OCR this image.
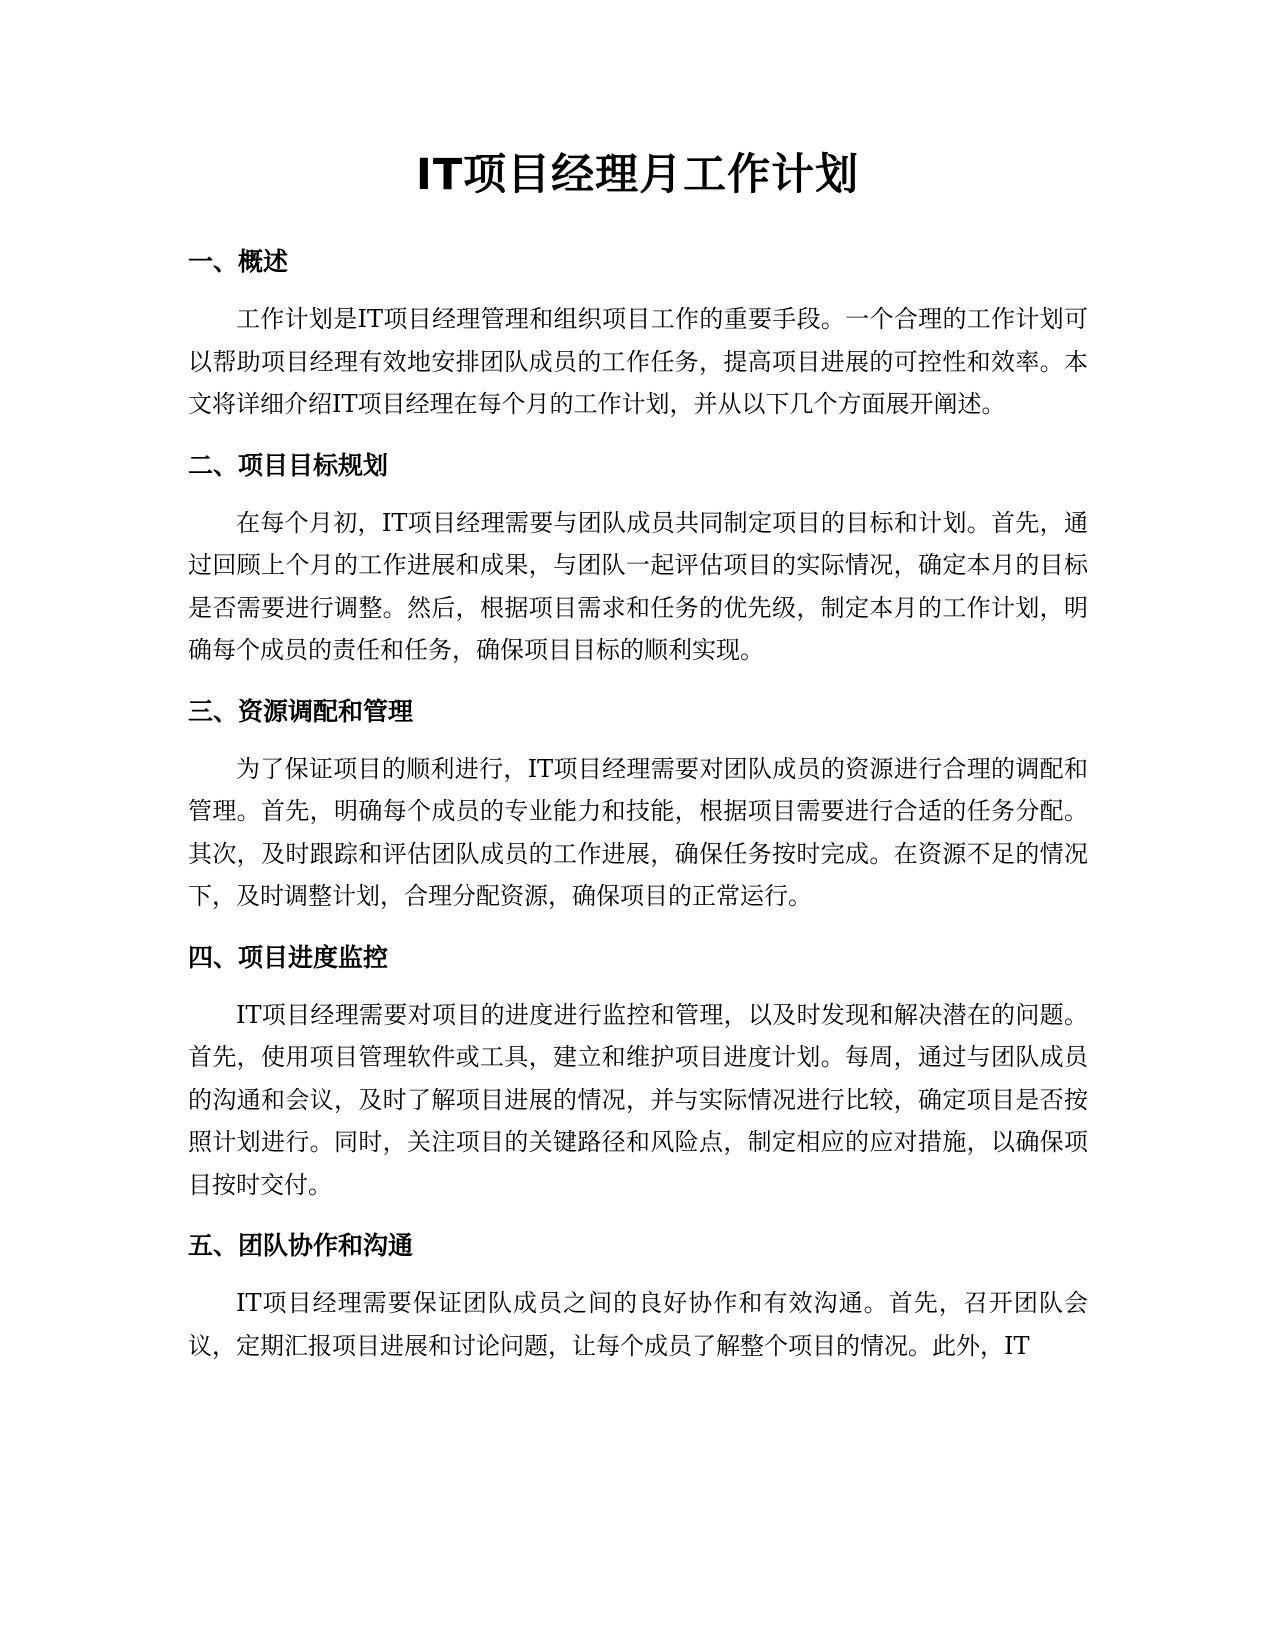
IT项目经理月工作计划
一、概述

工作计划是IT项目经理管理和组织项目工作的重要手段。一个合理的工作计划可以帮助项目经理有效地安排团队成员的工作任务，提高项目进展的可控性和效率。本文将详细介绍IT项目经理在每个月的工作计划，并从以下几个方面展开阐述。

二、项目目标规划

在每个月初，IT项目经理需要与团队成员共同制定项目的目标和计划。首先，通过回顾上个月的工作进展和成果，与团队一起评估项目的实际情况，确定本月的目标是否需要进行调整。然后，根据项目需求和任务的优先级，制定本月的工作计划，明确每个成员的责任和任务，确保项目目标的顺利实现。

三、资源调配和管理

为了保证项目的顺利进行，IT项目经理需要对团队成员的资源进行合理的调配和管理。首先，明确每个成员的专业能力和技能，根据项目需要进行合适的任务分配。其次，及时跟踪和评估团队成员的工作进展，确保任务按时完成。在资源不足的情况下，及时调整计划，合理分配资源，确保项目的正常运行。

四、项目进度监控

IT项目经理需要对项目的进度进行监控和管理，以及时发现和解决潜在的问题。首先，使用项目管理软件或工具，建立和维护项目进度计划。每周，通过与团队成员的沟通和会议，及时了解项目进展的情况，并与实际情况进行比较，确定项目是否按照计划进行。同时，关注项目的关键路径和风险点，制定相应的应对措施，以确保项目按时交付。

五、团队协作和沟通

IT项目经理需要保证团队成员之间的良好协作和有效沟通。首先，召开团队会议，定期汇报项目进展和讨论问题，让每个成员了解整个项目的情况。此外，IT
